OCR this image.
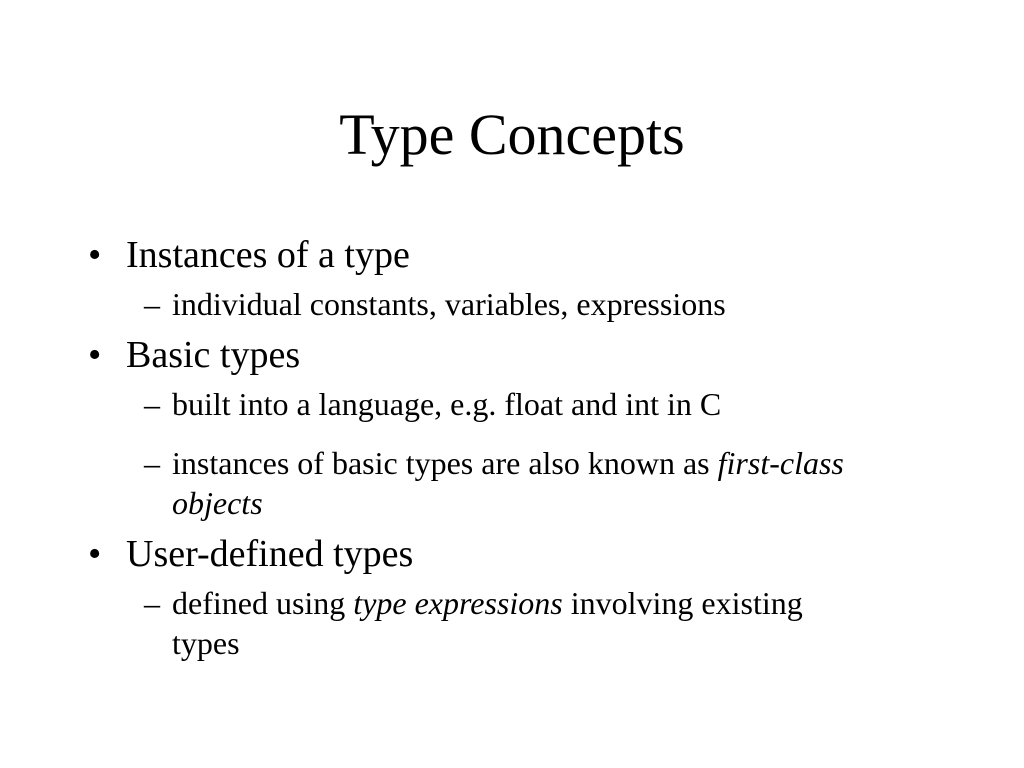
Type Concepts
• Instances of a type
– individual constants, variables, expressions
• Basic types
– built into a language, e.g. float and int in C
– instances of basic types are also known as first-class objects
• User-defined types
– defined using type expressions involving existing types
